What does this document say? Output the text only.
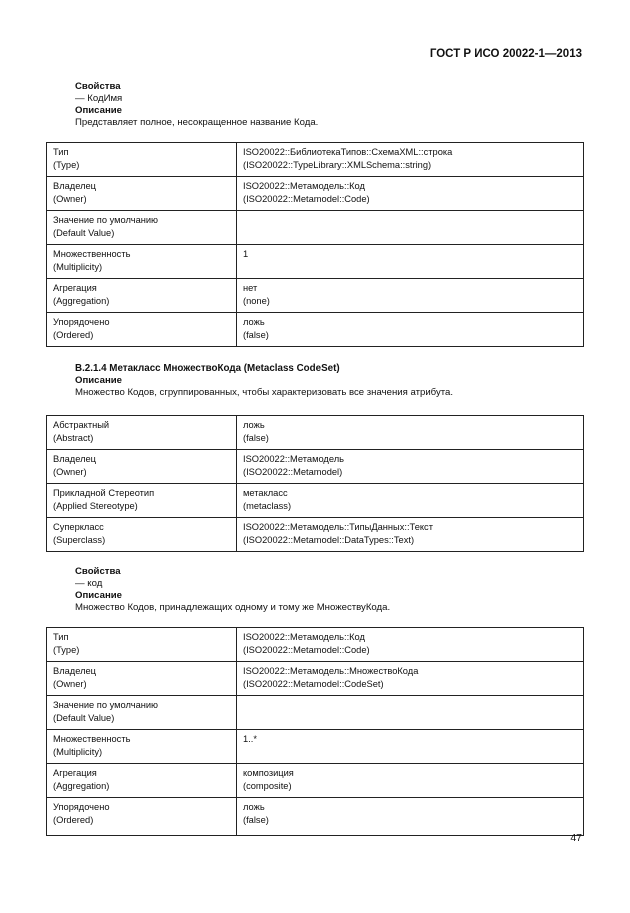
ГОСТ Р ИСО 20022-1—2013
Свойства
— КодИмя
Описание
Представляет полное, несокращенное название Кода.
Тип
(Type)	ISO20022::БиблиотекаТипов::СхемаXML::строка
(ISO20022::TypeLibrary::XMLSchema::string)

Владелец
(Owner)	ISO20022::Метамодель::Код
(ISO20022::Metamodel::Code)

Значение по умолчанию
(Default Value)	

Множественность
(Multiplicity)	1

Агрегация
(Aggregation)	нет
(none)

Упорядочено
(Ordered)	ложь
(false)
B.2.1.4 Метакласс МножествоКода (Metaclass CodeSet)
Описание
Множество Кодов, сгруппированных, чтобы характеризовать все значения атрибута.
Абстрактный
(Abstract)	ложь
(false)

Владелец
(Owner)	ISO20022::Метамодель
(ISO20022::Metamodel)

Прикладной Стереотип
(Applied Stereotype)	метакласс
(metaclass)

Суперкласс
(Superclass)	ISO20022::Метамодель::ТипыДанных::Текст
(ISO20022::Metamodel::DataTypes::Text)
Свойства
— код
Описание
Множество Кодов, принадлежащих одному и тому же МножествуКода.
Тип
(Type)	ISO20022::Метамодель::Код
(ISO20022::Metamodel::Code)

Владелец
(Owner)	ISO20022::Метамодель::МножествоКода
(ISO20022::Metamodel::CodeSet)

Значение по умолчанию
(Default Value)	

Множественность
(Multiplicity)	1..*

Агрегация
(Aggregation)	композиция
(composite)

Упорядочено
(Ordered)	ложь
(false)
47
